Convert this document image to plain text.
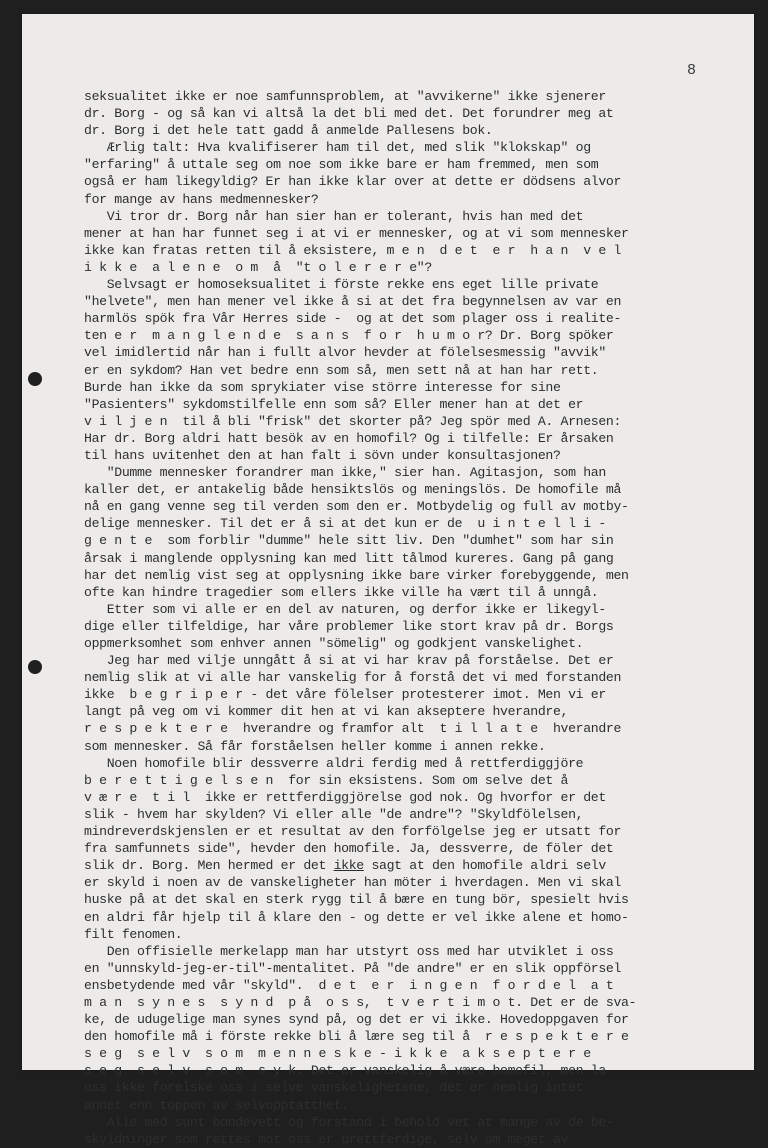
8
seksualitet ikke er noe samfunnsproblem, at "avvikerne" ikke sjenerer
dr. Borg - og så kan vi altså la det bli med det. Det forundrer meg at
dr. Borg i det hele tatt gadd å anmelde Pallesens bok.
Ærlig talt: Hva kvalifiserer ham til det, med slik "klokskap" og
"erfaring" å uttale seg om noe som ikke bare er ham fremmed, men som
også er ham likegyldig? Er han ikke klar over at dette er dödsens alvor
for mange av hans medmennesker?
Vi tror dr. Borg når han sier han er tolerant, hvis han med det
mener at han har funnet seg i at vi er mennesker, og at vi som mennesker
ikke kan fratas retten til å eksistere, m e n  d e t  e r  h a n  v e l
i k k e  a l e n e  o m  å  "t o l e r e r e"?
Selvsagt er homoseksualitet i förste rekke ens eget lille private
"helvete", men han mener vel ikke å si at det fra begynnelsen av var en
harmlös spök fra Vår Herres side -  og at det som plager oss i realite-
ten e r  m a n g l e n d e  s a n s  f o r  h u m o r? Dr. Borg spöker
vel imidlertid når han i fullt alvor hevder at fölelsesmessig "avvik"
er en sykdom? Han vet bedre enn som så, men sett nå at han har rett.
Burde han ikke da som sprykiater vise större interesse for sine
"Pasienters" sykdomstilfelle enn som så? Eller mener han at det er
v i l j e n  til å bli "frisk" det skorter på? Jeg spör med A. Arnesen:
Har dr. Borg aldri hatt besök av en homofil? Og i tilfelle: Er årsaken
til hans uvitenhet den at han falt i sövn under konsultasjonen?
"Dumme mennesker forandrer man ikke," sier han. Agitasjon, som han
kaller det, er antakelig både hensiktslös og meningslös. De homofile må
nå en gang venne seg til verden som den er. Motbydelig og full av motby-
delige mennesker. Til det er å si at det kun er de  u i n t e l l i -
g e n t e  som forblir "dumme" hele sitt liv. Den "dumhet" som har sin
årsak i manglende opplysning kan med litt tålmod kureres. Gang på gang
har det nemlig vist seg at opplysning ikke bare virker forebyggende, men
ofte kan hindre tragedier som ellers ikke ville ha vært til å unngå.
Etter som vi alle er en del av naturen, og derfor ikke er likegyl-
dige eller tilfeldige, har våre problemer like stort krav på dr. Borgs
oppmerksomhet som enhver annen "sömelig" og godkjent vanskelighet.
Jeg har med vilje unngått å si at vi har krav på forståelse. Det er
nemlig slik at vi alle har vanskelig for å forstå det vi med forstanden
ikke  b e g r i p e r - det våre fölelser protesterer imot. Men vi er
langt på veg om vi kommer dit hen at vi kan akseptere hverandre,
r e s p e k t e r e  hverandre og framfor alt  t i l l a t e  hverandre
som mennesker. Så får forståelsen heller komme i annen rekke.
Noen homofile blir dessverre aldri ferdig med å rettferdiggjöre
b e r e t t i g e l s e n  for sin eksistens. Som om selve det å
v æ r e  t i l  ikke er rettferdiggjörelse god nok. Og hvorfor er det
slik - hvem har skylden? Vi eller alle "de andre"? "Skyldfölelsen,
mindreverdskjenslen er et resultat av den forfölgelse jeg er utsatt for
fra samfunnets side", hevder den homofile. Ja, dessverre, de föler det
slik dr. Borg. Men hermed er det ikke sagt at den homofile aldri selv
er skyld i noen av de vanskeligheter han möter i hverdagen. Men vi skal
huske på at det skal en sterk rygg til å bære en tung bör, spesielt hvis
en aldri får hjelp til å klare den - og dette er vel ikke alene et homo-
filt fenomen.
Den offisielle merkelapp man har utstyrt oss med har utviklet i oss
en "unnskyld-jeg-er-til"-mentalitet. På "de andre" er en slik oppförsel
ensbetydende med vår "skyld".  d e t  e r  i n g e n  f o r d e l  a t
m a n  s y n e s  s y n d  p å  o s s,  t v e r t i m o t. Det er de sva-
ke, de udugelige man synes synd på, og det er vi ikke. Hovedoppgaven for
den homofile må i förste rekke bli å lære seg til å  r e s p e k t e r e
s e g  s e l v  s o m  m e n n e s k e - i k k e  a k s e p t e r e
s e g  s e l v  s o m  s y k. Det er vanskelig å være homofil, men la
oss ikke forelske oss i selve vanskelighetene, det er nemlig intet
annet enn toppen av selvopptatthet.
Alle med sunt bondevett og forstand i behold vet at mange av de be-
skyldninger som rettes mot oss er urettferdige, selv om meget av
